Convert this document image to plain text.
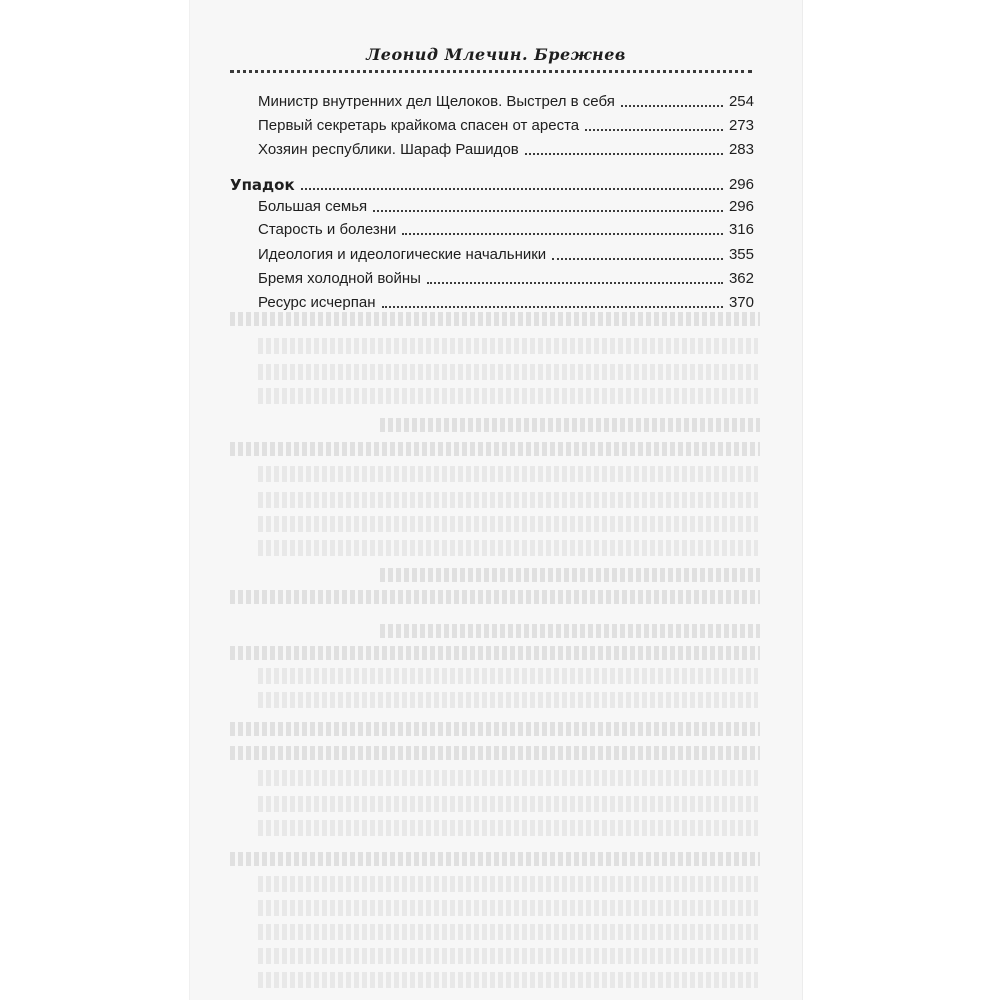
Леонид Млечин. Брежнев
Министр внутренних дел Щелоков. Выстрел в себя	254
Первый секретарь крайкома спасен от ареста	273
Хозяин республики. Шараф Рашидов	283
Упадок	296
Большая семья	296
Старость и болезни	316
Идеология и идеологические начальники	355
Бремя холодной войны	362
Ресурс исчерпан	370
